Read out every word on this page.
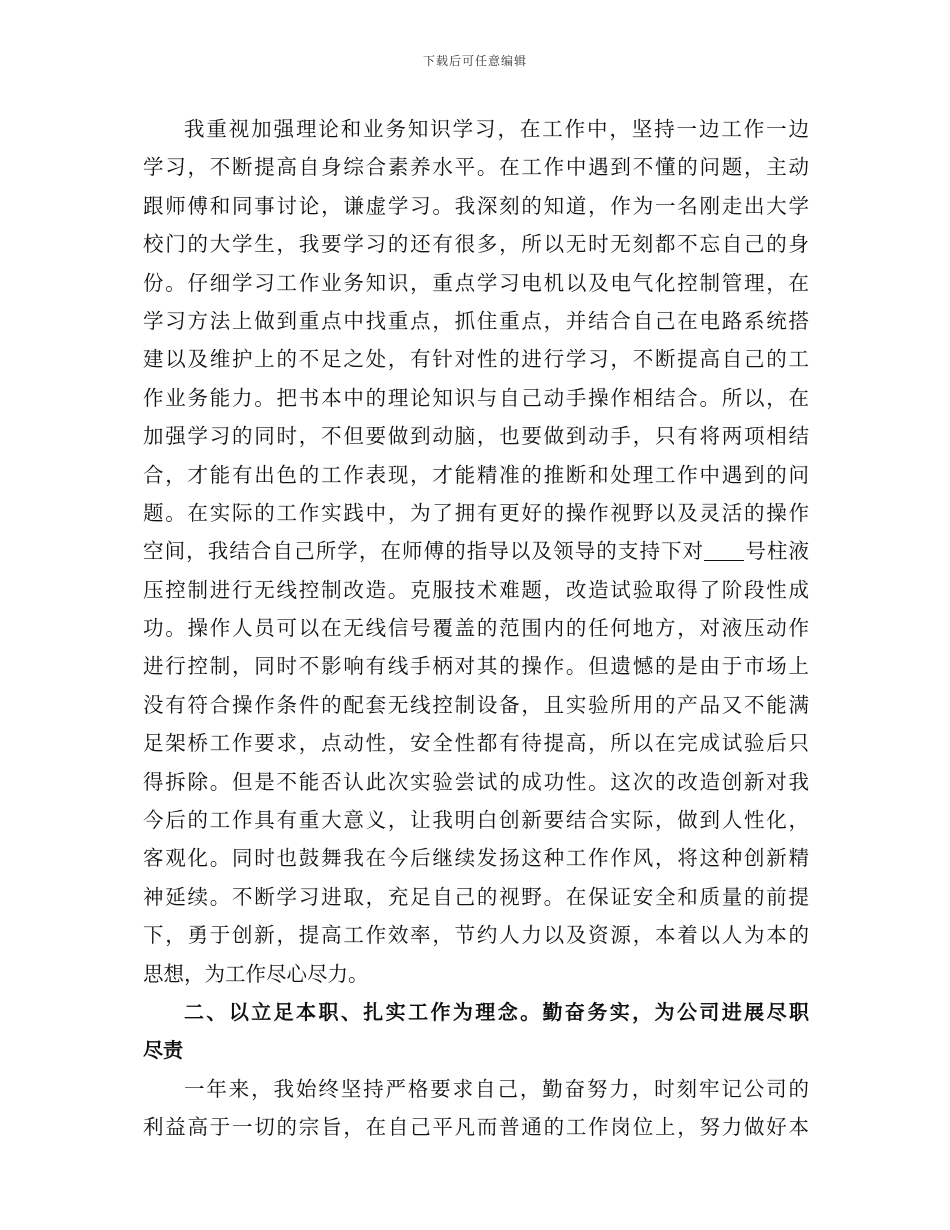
下载后可任意编辑
我重视加强理论和业务知识学习，在工作中，坚持一边工作一边
学习，不断提高自身综合素养水平。在工作中遇到不懂的问题，主动
跟师傅和同事讨论，谦虚学习。我深刻的知道，作为一名刚走出大学
校门的大学生，我要学习的还有很多，所以无时无刻都不忘自己的身
份。仔细学习工作业务知识，重点学习电机以及电气化控制管理，在
学习方法上做到重点中找重点，抓住重点，并结合自己在电路系统搭
建以及维护上的不足之处，有针对性的进行学习，不断提高自己的工
作业务能力。把书本中的理论知识与自己动手操作相结合。所以，在
加强学习的同时，不但要做到动脑，也要做到动手，只有将两项相结
合，才能有出色的工作表现，才能精准的推断和处理工作中遇到的问
题。在实际的工作实践中，为了拥有更好的操作视野以及灵活的操作
空间，我结合自己所学，在师傅的指导以及领导的支持下对 号柱液
压控制进行无线控制改造。克服技术难题，改造试验取得了阶段性成
功。操作人员可以在无线信号覆盖的范围内的任何地方，对液压动作
进行控制，同时不影响有线手柄对其的操作。但遗憾的是由于市场上
没有符合操作条件的配套无线控制设备，且实验所用的产品又不能满
足架桥工作要求，点动性，安全性都有待提高，所以在完成试验后只
得拆除。但是不能否认此次实验尝试的成功性。这次的改造创新对我
今后的工作具有重大意义，让我明白创新要结合实际，做到人性化，
客观化。同时也鼓舞我在今后继续发扬这种工作作风，将这种创新精
神延续。不断学习进取，充足自己的视野。在保证安全和质量的前提
下，勇于创新，提高工作效率，节约人力以及资源，本着以人为本的
思想，为工作尽心尽力。
二、以立足本职、扎实工作为理念。勤奋务实，为公司进展尽职
尽责
一年来，我始终坚持严格要求自己，勤奋努力，时刻牢记公司的
利益高于一切的宗旨，在自己平凡而普通的工作岗位上，努力做好本
